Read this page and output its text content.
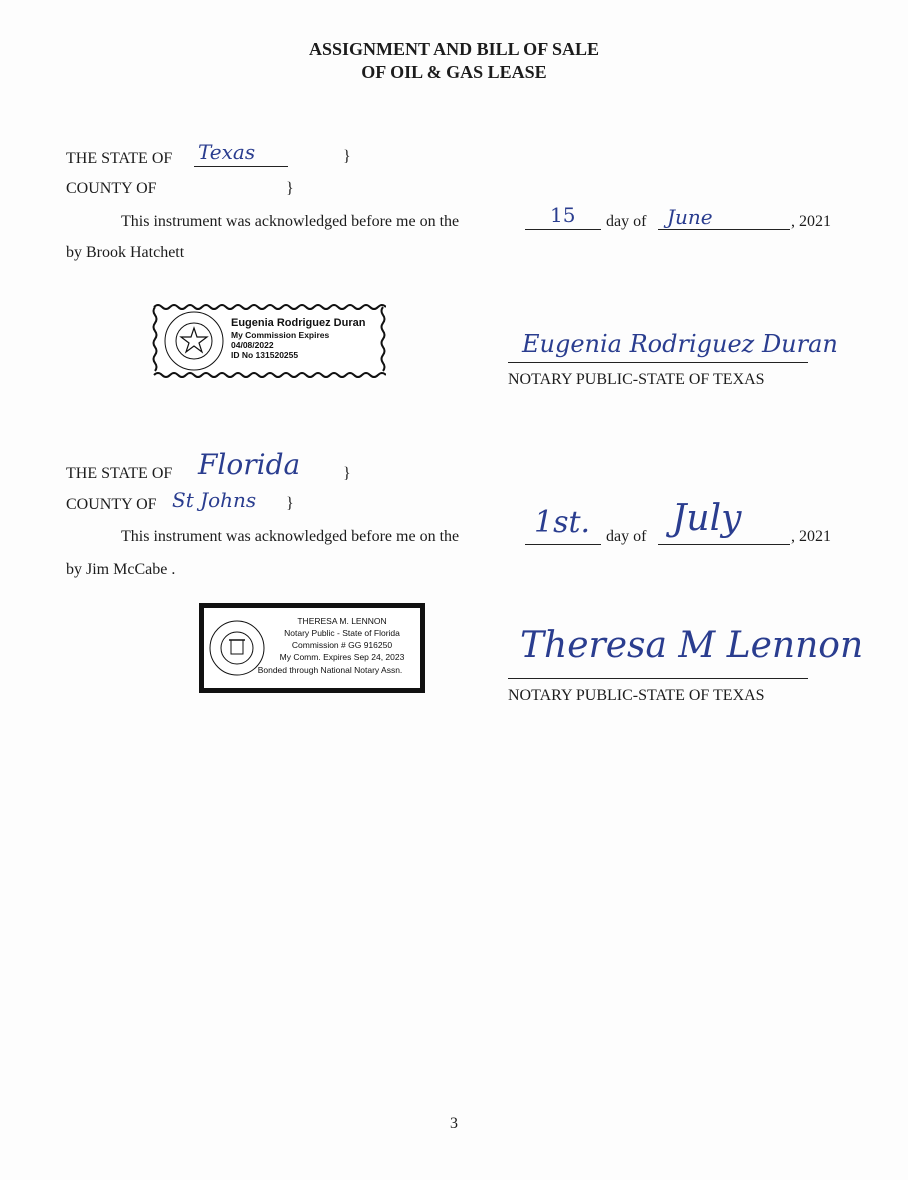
ASSIGNMENT AND BILL OF SALE
OF OIL & GAS LEASE
THE STATE OF Texas	}
COUNTY OF	}
This instrument was acknowledged before me on the	15 day of June	, 2021
by Brook Hatchett
Eugenia Rodriguez Duran
My Commission Expires
04/08/2022
ID No 131520255	Eugenia Rodriguez Duran
NOTARY PUBLIC-STATE OF TEXAS
THE STATE OF Florida	}
COUNTY OF St Johns }
This instrument was acknowledged before me on the 1st. day of July	, 2021
by Jim McCabe .
THERESA M. LENNON
Notary Public - State of Florida
Commission # GG 916250
My Comm. Expires Sep 24, 2023
Bonded through National Notary Assn.
Theresa M Lennon
NOTARY PUBLIC-STATE OF TEXAS
3
